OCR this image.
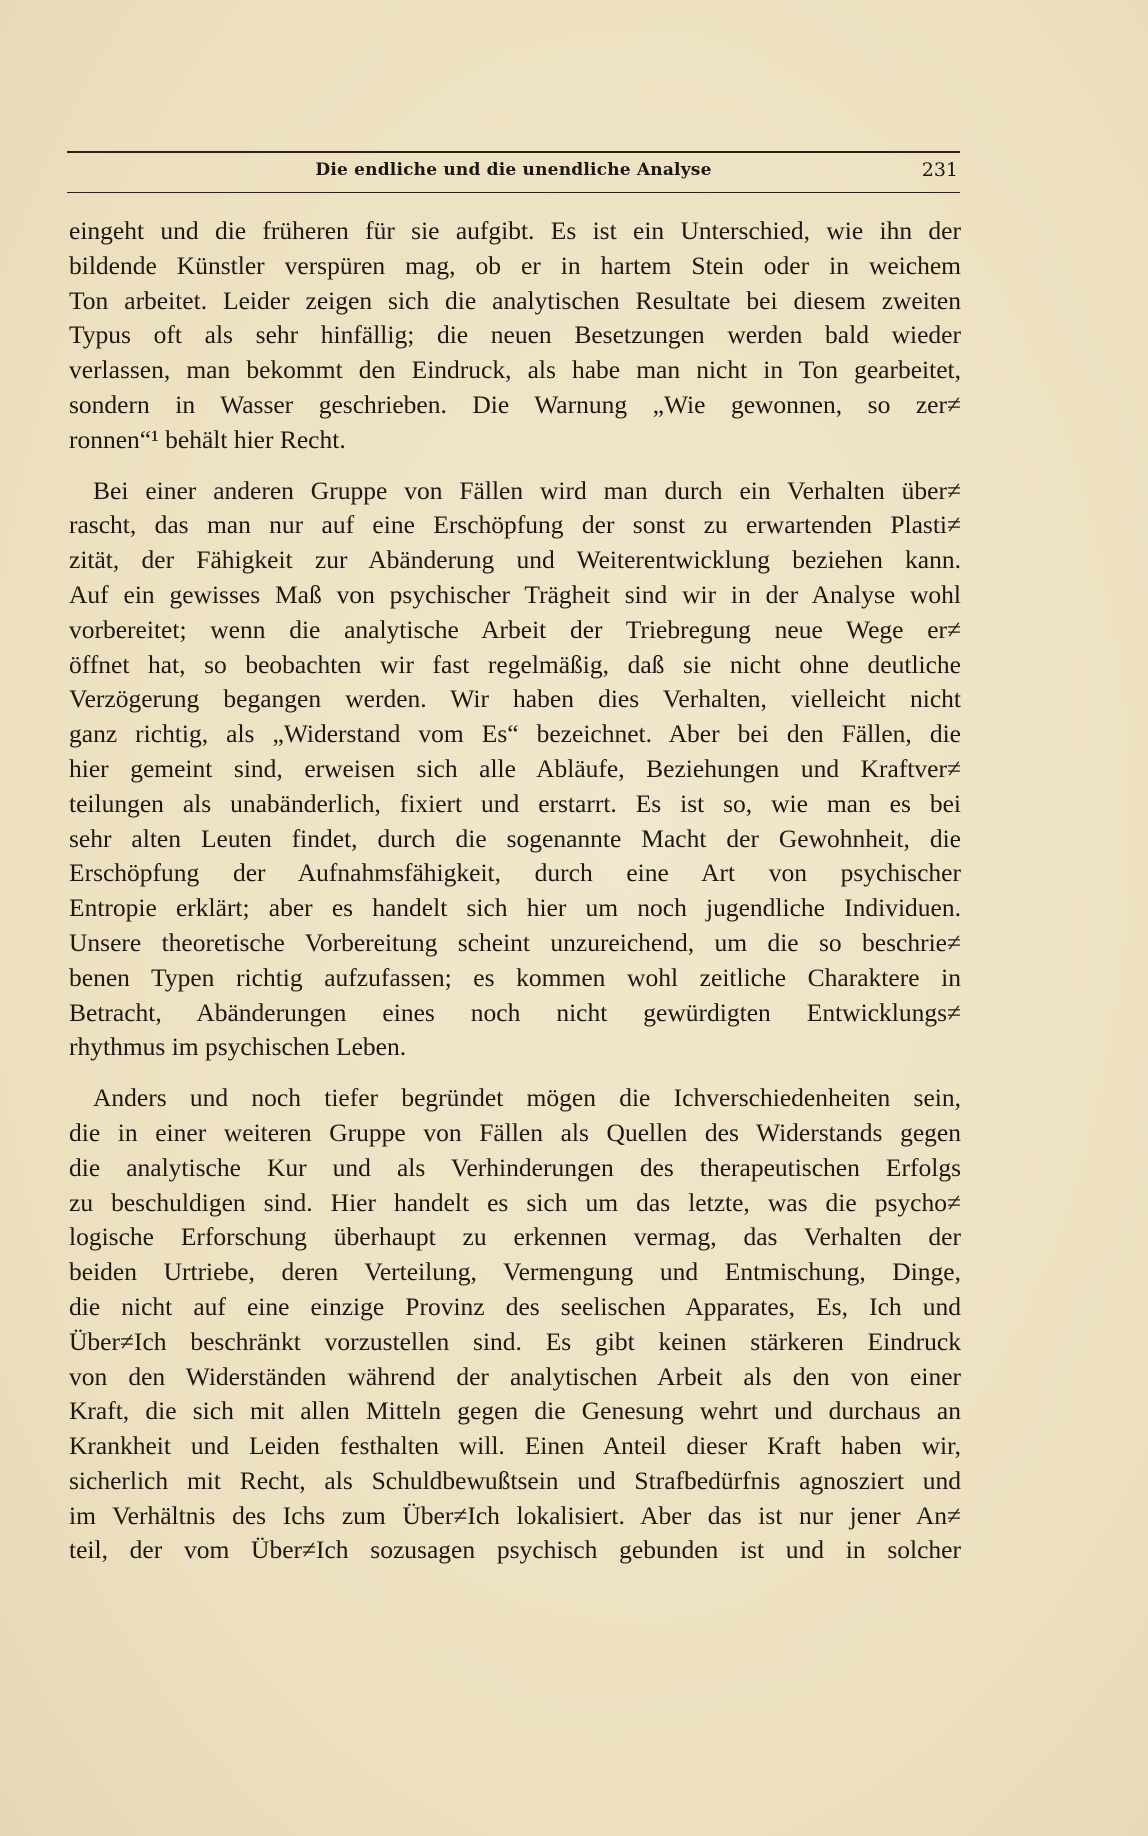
Die endliche und die unendliche Analyse	231
eingeht und die früheren für sie aufgibt. Es ist ein Unterschied, wie ihn der
bildende Künstler verspüren mag, ob er in hartem Stein oder in weichem
Ton arbeitet. Leider zeigen sich die analytischen Resultate bei diesem zweiten
Typus oft als sehr hinfällig; die neuen Besetzungen werden bald wieder
verlassen, man bekommt den Eindruck, als habe man nicht in Ton gearbeitet,
sondern in Wasser geschrieben. Die Warnung „Wie gewonnen, so zer≠
ronnen“¹ behält hier Recht.
Bei einer anderen Gruppe von Fällen wird man durch ein Verhalten über≠
rascht, das man nur auf eine Erschöpfung der sonst zu erwartenden Plasti≠
zität, der Fähigkeit zur Abänderung und Weiterentwicklung beziehen kann.
Auf ein gewisses Maß von psychischer Trägheit sind wir in der Analyse wohl
vorbereitet; wenn die analytische Arbeit der Triebregung neue Wege er≠
öffnet hat, so beobachten wir fast regelmäßig, daß sie nicht ohne deutliche
Verzögerung begangen werden. Wir haben dies Verhalten, vielleicht nicht
ganz richtig, als „Widerstand vom Es“ bezeichnet. Aber bei den Fällen, die
hier gemeint sind, erweisen sich alle Abläufe, Beziehungen und Kraftver≠
teilungen als unabänderlich, fixiert und erstarrt. Es ist so, wie man es bei
sehr alten Leuten findet, durch die sogenannte Macht der Gewohnheit, die
Erschöpfung der Aufnahmsfähigkeit, durch eine Art von psychischer
Entropie erklärt; aber es handelt sich hier um noch jugendliche Individuen.
Unsere theoretische Vorbereitung scheint unzureichend, um die so beschrie≠
benen Typen richtig aufzufassen; es kommen wohl zeitliche Charaktere in
Betracht, Abänderungen eines noch nicht gewürdigten Entwicklungs≠
rhythmus im psychischen Leben.
Anders und noch tiefer begründet mögen die Ichverschiedenheiten sein,
die in einer weiteren Gruppe von Fällen als Quellen des Widerstands gegen
die analytische Kur und als Verhinderungen des therapeutischen Erfolgs
zu beschuldigen sind. Hier handelt es sich um das letzte, was die psycho≠
logische Erforschung überhaupt zu erkennen vermag, das Verhalten der
beiden Urtriebe, deren Verteilung, Vermengung und Entmischung, Dinge,
die nicht auf eine einzige Provinz des seelischen Apparates, Es, Ich und
Über≠Ich beschränkt vorzustellen sind. Es gibt keinen stärkeren Eindruck
von den Widerständen während der analytischen Arbeit als den von einer
Kraft, die sich mit allen Mitteln gegen die Genesung wehrt und durchaus an
Krankheit und Leiden festhalten will. Einen Anteil dieser Kraft haben wir,
sicherlich mit Recht, als Schuldbewußtsein und Strafbedürfnis agnosziert und
im Verhältnis des Ichs zum Über≠Ich lokalisiert. Aber das ist nur jener An≠
teil, der vom Über≠Ich sozusagen psychisch gebunden ist und in solcher
